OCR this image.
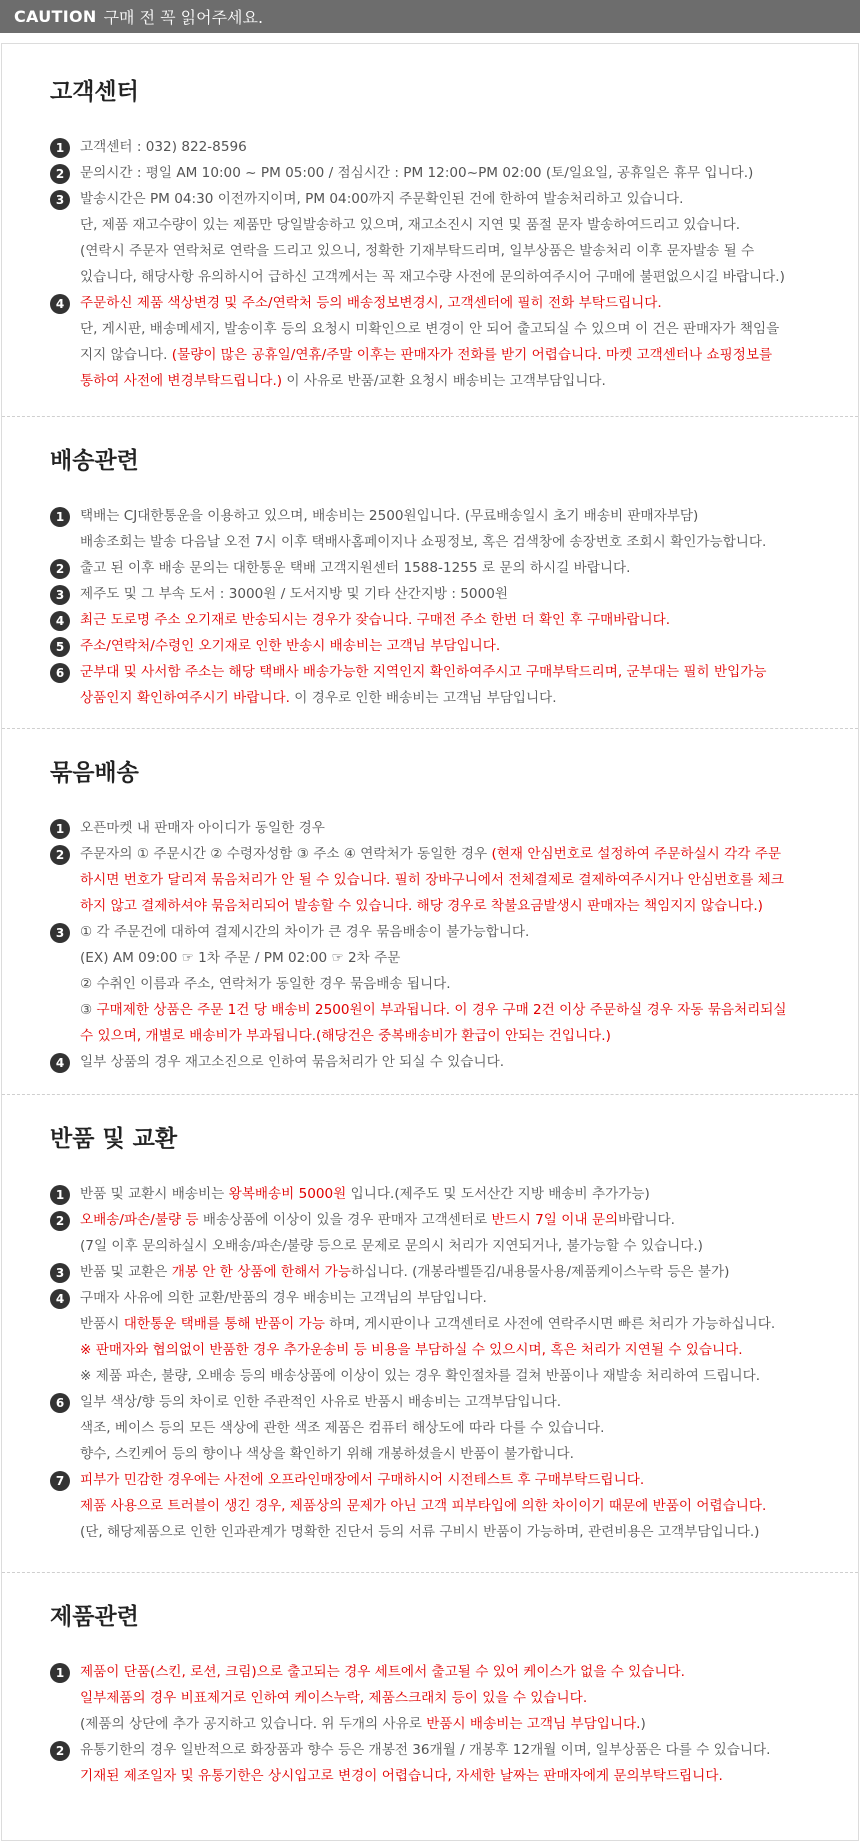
CAUTION 구매 전 꼭 읽어주세요.
고객센터
1	고객센터 : 032) 822-8596
2	문의시간 : 평일 AM 10:00 ~ PM 05:00 / 점심시간 : PM 12:00~PM 02:00 (토/일요일, 공휴일은 휴무 입니다.)
3	발송시간은 PM 04:30 이전까지이며, PM 04:00까지 주문확인된 건에 한하여 발송처리하고 있습니다.
단, 제품 재고수량이 있는 제품만 당일발송하고 있으며, 재고소진시 지연 및 품절 문자 발송하여드리고 있습니다.
(연락시 주문자 연락처로 연락을 드리고 있으니, 정확한 기재부탁드리며, 일부상품은 발송처리 이후 문자발송 될 수
있습니다, 해당사항 유의하시어 급하신 고객께서는 꼭 재고수량 사전에 문의하여주시어 구매에 불편없으시길 바랍니다.)
4	주문하신 제품 색상변경 및 주소/연락처 등의 배송정보변경시, 고객센터에 필히 전화 부탁드립니다.
단, 게시판, 배송메세지, 발송이후 등의 요청시 미확인으로 변경이 안 되어 출고되실 수 있으며 이 건은 판매자가 책임을
지지 않습니다. (물량이 많은 공휴일/연휴/주말 이후는 판매자가 전화를 받기 어렵습니다. 마켓 고객센터나 쇼핑정보를
통하여 사전에 변경부탁드립니다.) 이 사유로 반품/교환 요청시 배송비는 고객부담입니다.
배송관련
1	택배는 CJ대한통운을 이용하고 있으며, 배송비는 2500원입니다. (무료배송일시 초기 배송비 판매자부담)
배송조회는 발송 다음날 오전 7시 이후 택배사홈페이지나 쇼핑정보, 혹은 검색창에 송장번호 조회시 확인가능합니다.
2	출고 된 이후 배송 문의는 대한통운 택배 고객지원센터 1588-1255 로 문의 하시길 바랍니다.
3	제주도 및 그 부속 도서 : 3000원 / 도서지방 및 기타 산간지방 : 5000원
4	최근 도로명 주소 오기재로 반송되시는 경우가 잦습니다. 구매전 주소 한번 더 확인 후 구매바랍니다.
5	주소/연락처/수령인 오기재로 인한 반송시 배송비는 고객님 부담입니다.
6	군부대 및 사서함 주소는 해당 택배사 배송가능한 지역인지 확인하여주시고 구매부탁드리며, 군부대는 필히 반입가능
상품인지 확인하여주시기 바랍니다. 이 경우로 인한 배송비는 고객님 부담입니다.
묶음배송
1	오픈마켓 내 판매자 아이디가 동일한 경우
2	주문자의 ① 주문시간 ② 수령자성함 ③ 주소 ④ 연락처가 동일한 경우 (현재 안심번호로 설정하여 주문하실시 각각 주문
하시면 번호가 달리져 묶음처리가 안 될 수 있습니다. 필히 장바구니에서 전체결제로 결제하여주시거나 안심번호를 체크
하지 않고 결제하셔야 묶음처리되어 발송할 수 있습니다. 해당 경우로 착불요금발생시 판매자는 책임지지 않습니다.)
3	① 각 주문건에 대하여 결제시간의 차이가 큰 경우 묶음배송이 불가능합니다.
(EX) AM 09:00 ☞ 1차 주문 / PM 02:00 ☞ 2차 주문
② 수취인 이름과 주소, 연락처가 동일한 경우 묶음배송 됩니다.
③ 구매제한 상품은 주문 1건 당 배송비 2500원이 부과됩니다. 이 경우 구매 2건 이상 주문하실 경우 자동 묶음처리되실
수 있으며, 개별로 배송비가 부과됩니다.(해당건은 중복배송비가 환급이 안되는 건입니다.)
4	일부 상품의 경우 재고소진으로 인하여 묶음처리가 안 되실 수 있습니다.
반품 및 교환
1	반품 및 교환시 배송비는 왕복배송비 5000원 입니다.(제주도 및 도서산간 지방 배송비 추가가능)
2	오배송/파손/불량 등 배송상품에 이상이 있을 경우 판매자 고객센터로 반드시 7일 이내 문의바랍니다.
(7일 이후 문의하실시 오배송/파손/불량 등으로 문제로 문의시 처리가 지연되거나, 불가능할 수 있습니다.)
3	반품 및 교환은 개봉 안 한 상품에 한해서 가능하십니다. (개봉라벨뜯김/내용물사용/제품케이스누락 등은 불가)
4	구매자 사유에 의한 교환/반품의 경우 배송비는 고객님의 부담입니다.
반품시 대한통운 택배를 통해 반품이 가능 하며, 게시판이나 고객센터로 사전에 연락주시면 빠른 처리가 가능하십니다.
※ 판매자와 협의없이 반품한 경우 추가운송비 등 비용을 부담하실 수 있으시며, 혹은 처리가 지연될 수 있습니다.
※ 제품 파손, 불량, 오배송 등의 배송상품에 이상이 있는 경우 확인절차를 걸쳐 반품이나 재발송 처리하여 드립니다.
6	일부 색상/향 등의 차이로 인한 주관적인 사유로 반품시 배송비는 고객부담입니다.
색조, 베이스 등의 모든 색상에 관한 색조 제품은 컴퓨터 해상도에 따라 다를 수 있습니다.
향수, 스킨케어 등의 향이나 색상을 확인하기 위해 개봉하셨을시 반품이 불가합니다.
7	피부가 민감한 경우에는 사전에 오프라인매장에서 구매하시어 시전테스트 후 구매부탁드립니다.
제품 사용으로 트러블이 생긴 경우, 제품상의 문제가 아닌 고객 피부타입에 의한 차이이기 때문에 반품이 어렵습니다.
(단, 해당제품으로 인한 인과관계가 명확한 진단서 등의 서류 구비시 반품이 가능하며, 관련비용은 고객부담입니다.)
제품관련
1	제품이 단품(스킨, 로션, 크림)으로 출고되는 경우 세트에서 출고될 수 있어 케이스가 없을 수 있습니다.
일부제품의 경우 비표제거로 인하여 케이스누락, 제품스크래치 등이 있을 수 있습니다.
(제품의 상단에 추가 공지하고 있습니다. 위 두개의 사유로 반품시 배송비는 고객님 부담입니다.)
2	유통기한의 경우 일반적으로 화장품과 향수 등은 개봉전 36개월 / 개봉후 12개월 이며, 일부상품은 다를 수 있습니다.
기재된 제조일자 및 유통기한은 상시입고로 변경이 어렵습니다, 자세한 날짜는 판매자에게 문의부탁드립니다.
